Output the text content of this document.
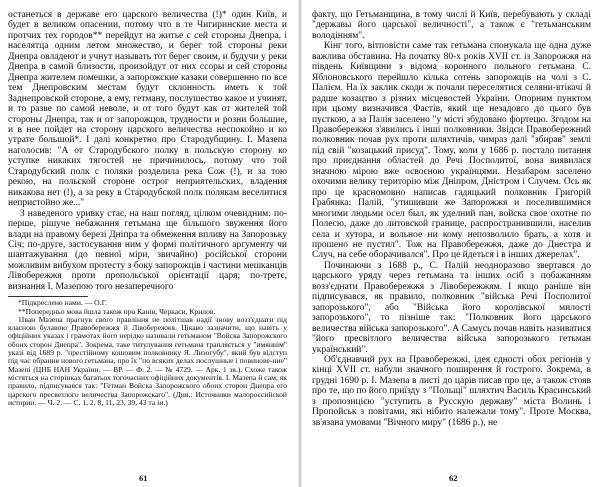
останеться в державе его царского величества (!)* один Київ, и будет в великом опасении, потому что в те Чигиринские места и протчих тех городов** перейдут на житье с сей стороны Днепра, і населятца одним летом множество, и берег той стороны реки Днепра овладеют и учнут называть тот берег своим, и будучи у реки Днепра в самой близости, произойдут от них ссоры и сей стороны Днепра жителем помешки, а запорожские казаки совершенно по все тем Днепровским местам будут склонность иметь к той Заднепровской стороне, а ему, гетману, послушество какое и учинят, и то разве по самой неволе, и от того будут как от жителей той стороны Днепра, так и от запорожцов, трудности и розни большие, и в нее пойдет на сторону царского величества неспокойно и ко утрате большой*. І далі конкретно про Стародубщину. І. Мазепа наголосив: "А от Стародубского полку в польскую сторону ко уступке никаких тягостей не причинилось, потому что той Стародубский полк с поляки розделила река Сож (!), и за тою рекою, на польской стороне острог неприятельских, владения никакова нет (!), а за реку в Стародубской полк полякам веселитися непристойно же..."

З наведеного уривку стає, на наш погляд, цілком очевидним: по-перше, рішуче небажання гетьмана ще більшого звуження його влади на правому березі Дніпра та обмеження впливу на Запорозьку Січ; по-друге, застосування ним у формі політичного аргументу чи шантажування (до певної міри, звичайно) російської сторони можливим вибухом протесту з боку запорожців і частини мешканців Лівобережжя проти пропольської орієнтації царя; по-третє, визнання І. Мазепою того незаперечного

*Підкреслено нами. — О.Г.

**Попередньо мова йшла також про Канів, Черкаси, Крилов.

1Іван Мазепа прагнув свого правління не політшав надії знову возз'єднати під власною булавою Правобережжя й Лівобережжя. Цікаво зазначити, що навіть у офіційних указах і грамотах його нерідко називали гетьманом "Войска Запорожского обоих сторон Днепра". Зокрема, таке титулування гетьмана трапляється у "имяннім" указі від 1689 р. "престійному кошовим полковнику Я. Лизогубу", який був відступ під час обрання нового гетьмана, про їх "по всяких делах послушные і повинове-ние" Мазепі (ЦНБ НАН України. — ВР. — Ф. 2. — № 4729. — Арк. 1 зв.). Схоже також містяться на сторінках багатьох тогочасних офіційних документів. І. Мазепа й сам, як правило, підписувався так: "Гетман Войска Запорожского обоих сторон Днепра его царского пресветлого величества Запорожскаго". (Див.: Источники малороссийской истории. — Ч. 2. — С. 1, 2, 8, 11, 23, 39, 43 та ін.)

факту, що Гетьманщина, в тому числі й Київ, перебувають у складі "державы його царської величності", а також є "гетьманським володінням".

Кінг того, вітповісти саме так гетьмана спонукала ще одна дуже важлива обставина. На початку 80-х років XVII ст. із Запорожжя на південь Київщини з відома коронного польного гетьмана С. Яблоновського перейшло кілька сотень запорожців на чолі з С. Палієм. На їх заклик скоди ж почали переселятися селяни-втікачі й радше козацтво з різних місцевостей України. Опорним пунктом при цьому визначився Фастів, який ще незадовго до цього був пусткою, а за Палія заселено "у місті збудовано фортецю. Згодом на Правобережжя з'явились і інші полковники. Звідси Правобережний полковник почав рух проти шляхтичів, чимраз далі "збирав" землі під свій "козацький присуд". Тому, коли у 1686 р. постало питання про приєднання областей до Речі Посполитої, вона виявилася значною мірою вже освоєною українцями. Незабаром заселено охочими велику територію між Дніпром, Дністром і Случем. Ось як про це красномовно написав гадяцький полковник Григорій Грабянка: Палій, "утишивши же Запорожжя и поселившимися многими людьми осел был, як уделний пан, войска свое охотне по Полесю, даже до литовской границе, распространившили, населив села и хутора, и вольное ни кому непозволило брать, а хотя и прошено не пустил". Тож на Правобережжя, даже до Днестра и Случ, на себе оборачивался". Про це йдеться і в інших джерелах".

Починаючи з 1688 р., С. Палій неодноразово звертався до царського уряду через гетьмана та інших осіб з побажанням возз'єднати Правобережжя з Лівобережжям. І якщо раніше він підписувався, як правило, полковник "війська Речі Посполитої запорозького", або "Війська його королівської милості запорозького", то пізніше так: "Полковник його царського величества війська запорозького". А Самусь почав навіть називатися "його пресвітлого величества війська запорозького гетьман український".

Об'єднавчий рух на Правобережжі, ідея єдності обох регіонів у кінці XVII ст. набули значного поширення й гострого. Зокрема, в грудні 1690 р. І. Мазепа в листі до царів писав про це, а також стояв про те, що по його приїзду з "Польщі" шляхтич Василь Красинський з пропозицією "уступить в Русскую державу" міста Волинь і Пропойськ з повітами, які нібито належали тому". Проте Москва, зв'язана умовами "Вічного миру" (1686 р.), не

61	62
